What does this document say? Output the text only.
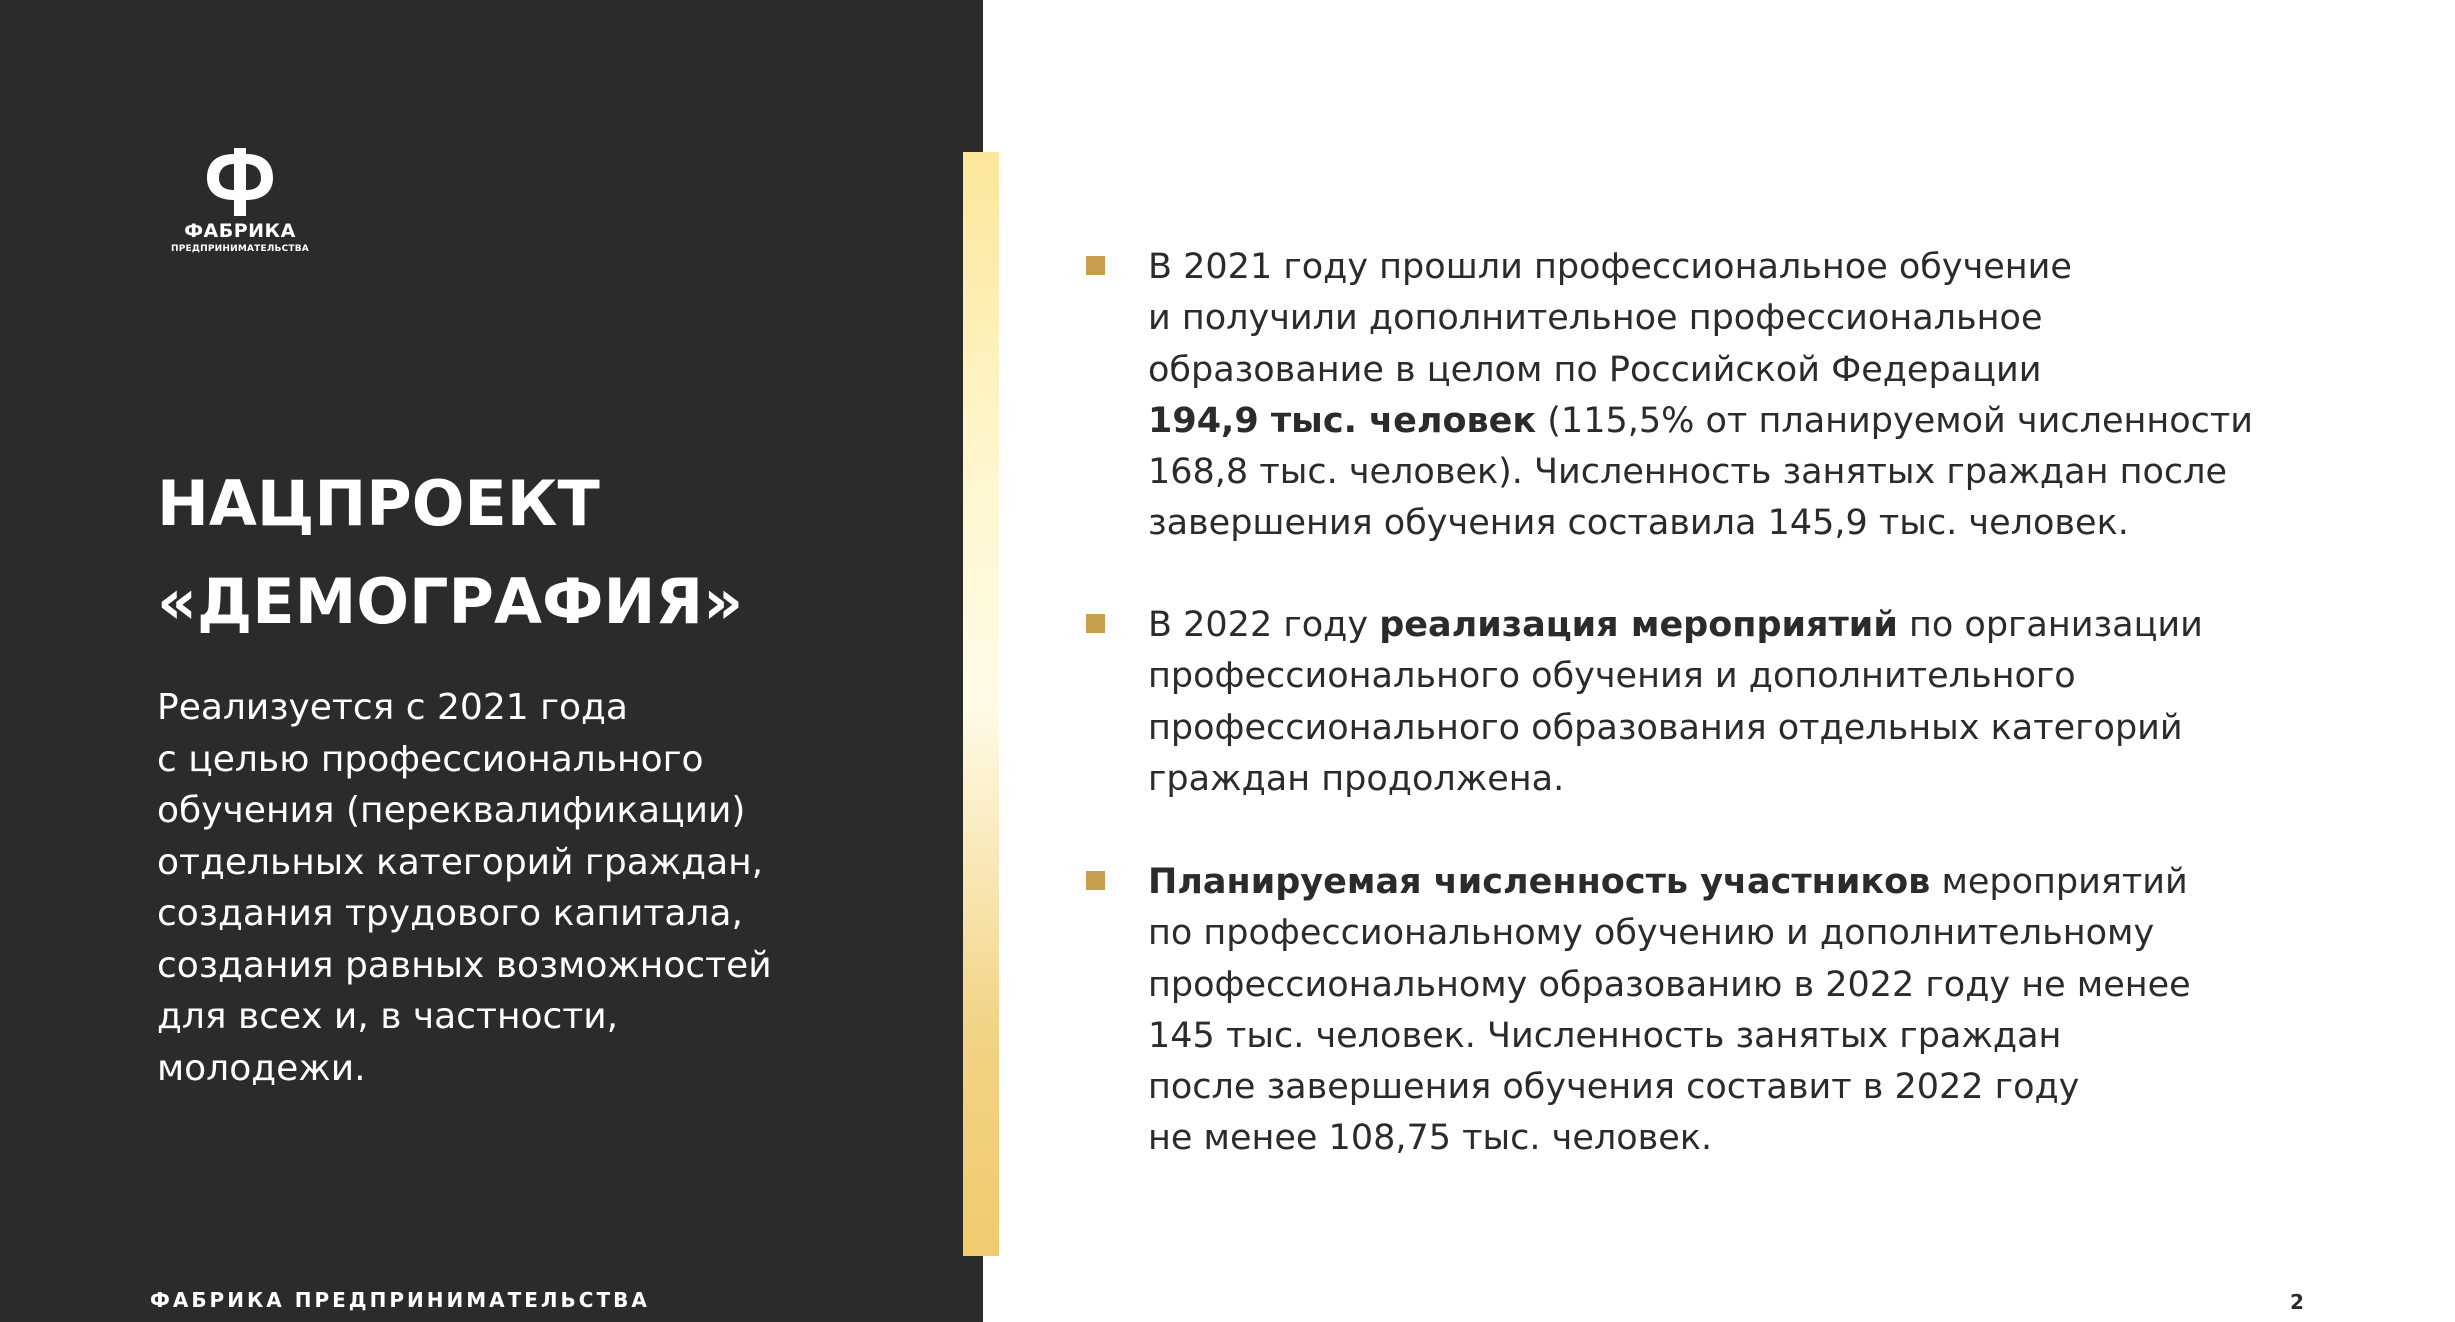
ФАБРИКА
ПРЕДПРИНИМАТЕЛЬСТВА
НАЦПРОЕКТ
«ДЕМОГРАФИЯ»

Реализуется с 2021 года
с целью профессионального
обучения (переквалификации)
отдельных категорий граждан,
создания трудового капитала,
создания равных возможностей
для всех и, в частности,
молодежи.

ФАБРИКА ПРЕДПРИНИМАТЕЛЬСТВА

В 2021 году прошли профессиональное обучение
и получили дополнительное профессиональное
образование в целом по Российской Федерации
194,9 тыс. человек (115,5% от планируемой численности
168,8 тыс. человек). Численность занятых граждан после
завершения обучения составила 145,9 тыс. человек.

В 2022 году реализация мероприятий по организации
профессионального обучения и дополнительного
профессионального образования отдельных категорий
граждан продолжена.

Планируемая численность участников мероприятий
по профессиональному обучению и дополнительному
профессиональному образованию в 2022 году не менее
145 тыс. человек. Численность занятых граждан
после завершения обучения составит в 2022 году
не менее 108,75 тыс. человек.

2
